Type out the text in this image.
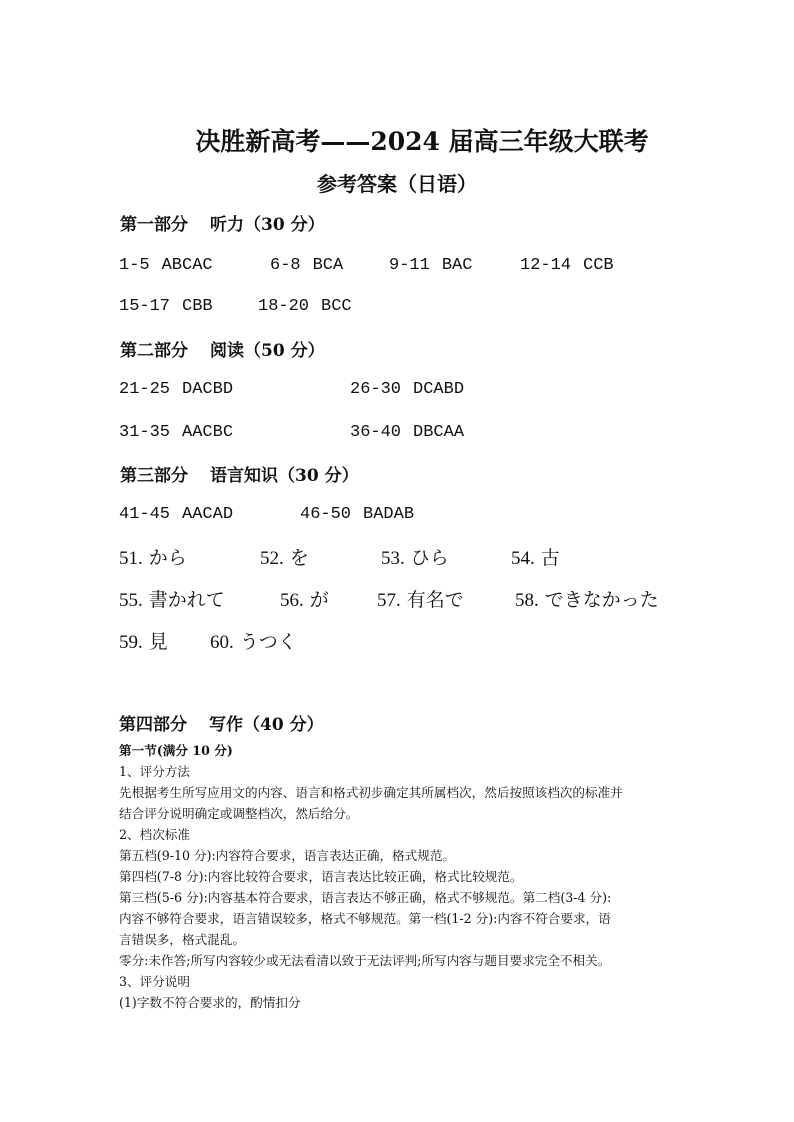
决胜新高考——2024 届高三年级大联考
参考答案（日语）
第一部分 听力（30 分）
1-5 ABCAC	6-8 BCA	9-11 BAC	12-14 CCB
15-17 CBB	18-20 BCC
第二部分 阅读（50 分）
21-25 DACBD	26-30 DCABD
31-35 AACBC	36-40 DBCAA
第三部分 语言知识（30 分）
41-45 AACAD	46-50 BADAB
51. から	52. を	53. ひら	54. 古
55. 書かれて	56. が	57. 有名で	58. できなかった
59. 見 60. うつく
第四部分 写作（40 分）
第一节(满分 10 分)
1、评分方法
先根据考生所写应用文的内容、语言和格式初步确定其所属档次，然后按照该档次的标准并
结合评分说明确定或调整档次，然后给分。
2、档次标准
第五档(9-10 分):内容符合要求，语言表达正确，格式规范。
第四档(7-8 分):内容比较符合要求，语言表达比较正确，格式比较规范。
第三档(5-6 分):内容基本符合要求，语言表达不够正确，格式不够规范。第二档(3-4 分):
内容不够符合要求，语言错误较多，格式不够规范。第一档(1-2 分):内容不符合要求，语
言错误多，格式混乱。
零分:未作答;所写内容较少或无法看清以致于无法评判;所写内容与题目要求完全不相关。
3、评分说明
(1)字数不符合要求的，酌情扣分
